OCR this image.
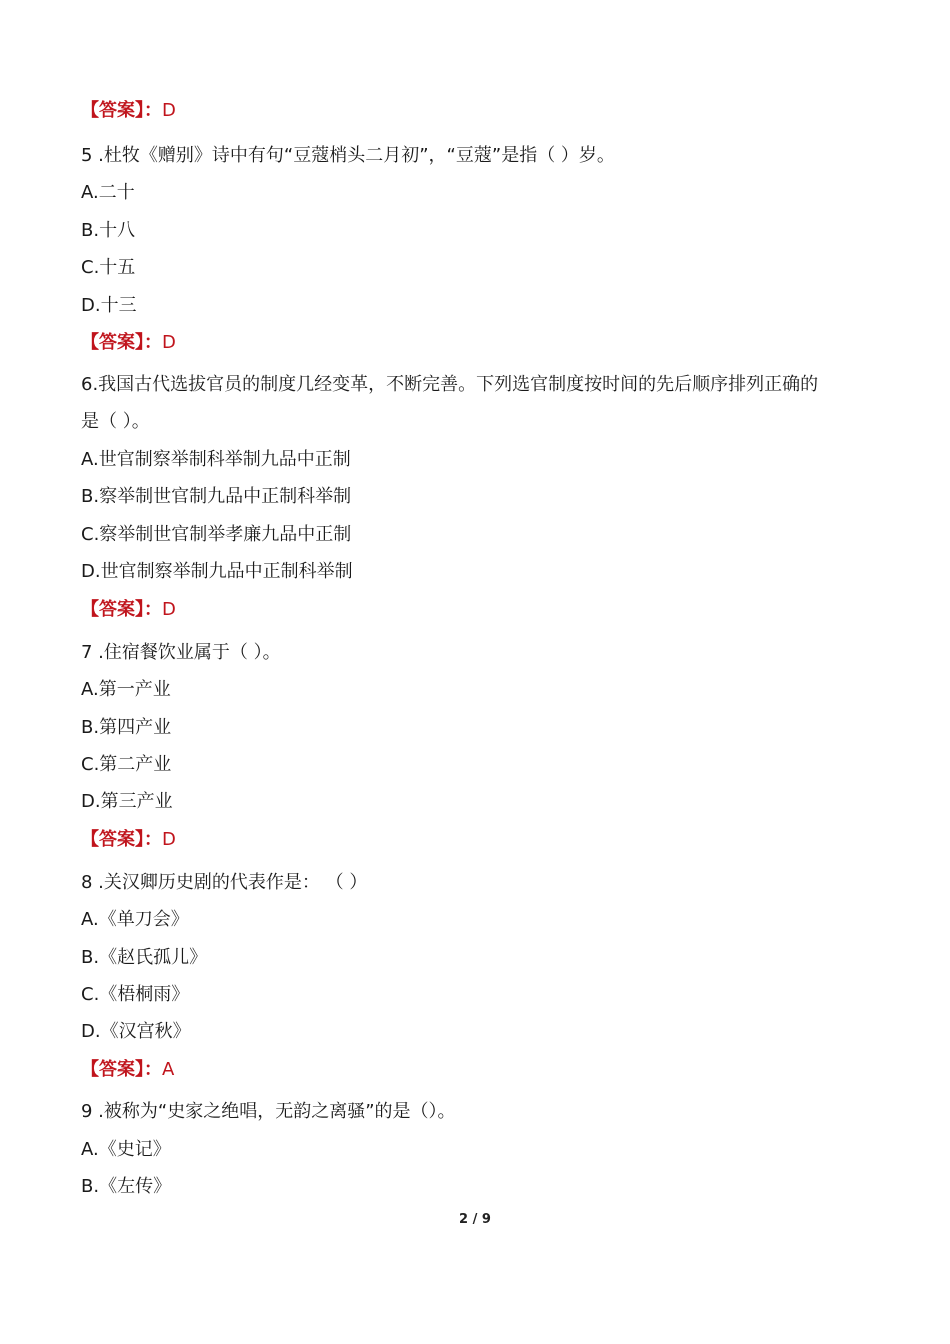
【答案】：D
5 .杜牧《赠别》诗中有句“豆蔻梢头二月初”，“豆蔻”是指（ ）岁。
A.二十
B.十八
C.十五
D.十三
【答案】：D
6.我国古代选拔官员的制度几经变革，不断完善。下列选官制度按时间的先后顺序排列正确的
是（ ）。
A.世官制察举制科举制九品中正制
B.察举制世官制九品中正制科举制
C.察举制世官制举孝廉九品中正制
D.世官制察举制九品中正制科举制
【答案】：D
7 .住宿餐饮业属于（ ）。
A.第一产业
B.第四产业
C.第二产业
D.第三产业
【答案】：D
8 .关汉卿历史剧的代表作是： （ ）
A.《单刀会》
B.《赵氏孤儿》
C.《梧桐雨》
D.《汉宫秋》
【答案】：A
9 .被称为“史家之绝唱，无韵之离骚”的是（）。
A.《史记》
B.《左传》
2 / 9
